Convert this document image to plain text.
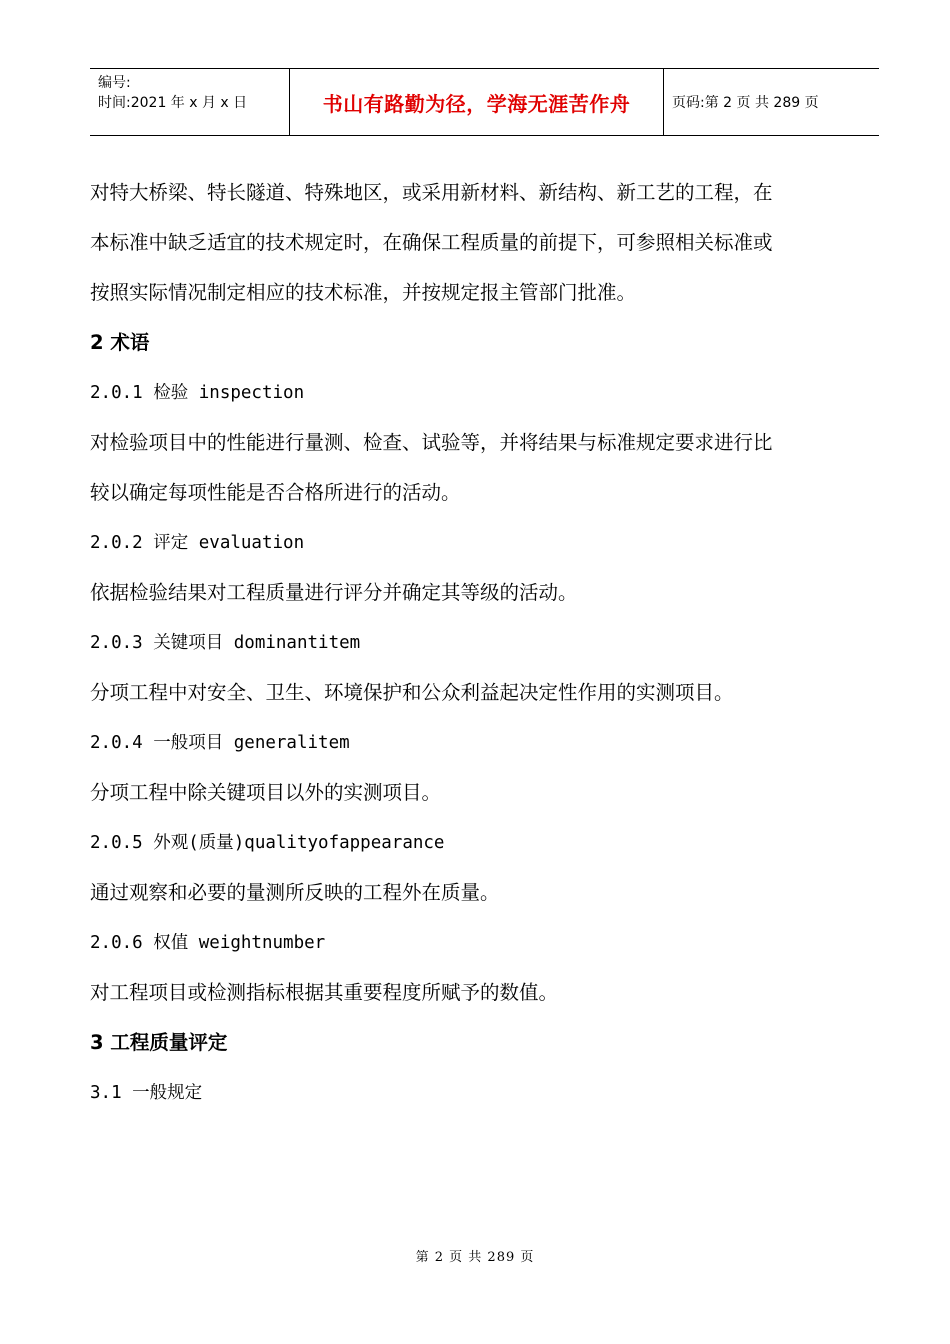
编号:
时间:2021 年 x 月 x 日	书山有路勤为径，学海无涯苦作舟	页码:第 2 页 共 289 页
对特大桥梁、特长隧道、特殊地区，或采用新材料、新结构、新工艺的工程，在
本标准中缺乏适宜的技术规定时，在确保工程质量的前提下，可参照相关标准或
按照实际情况制定相应的技术标准，并按规定报主管部门批准。
2 术语
2.0.1 检验 inspection
对检验项目中的性能进行量测、检查、试验等，并将结果与标准规定要求进行比
较以确定每项性能是否合格所进行的活动。
2.0.2 评定 evaluation
依据检验结果对工程质量进行评分并确定其等级的活动。
2.0.3 关键项目 dominantitem
分项工程中对安全、卫生、环境保护和公众利益起决定性作用的实测项目。
2.0.4 一般项目 generalitem
分项工程中除关键项目以外的实测项目。
2.0.5 外观(质量)qualityofappearance
通过观察和必要的量测所反映的工程外在质量。
2.0.6 权值 weightnumber
对工程项目或检测指标根据其重要程度所赋予的数值。
3 工程质量评定
3.1 一般规定
第 2 页 共 289 页
